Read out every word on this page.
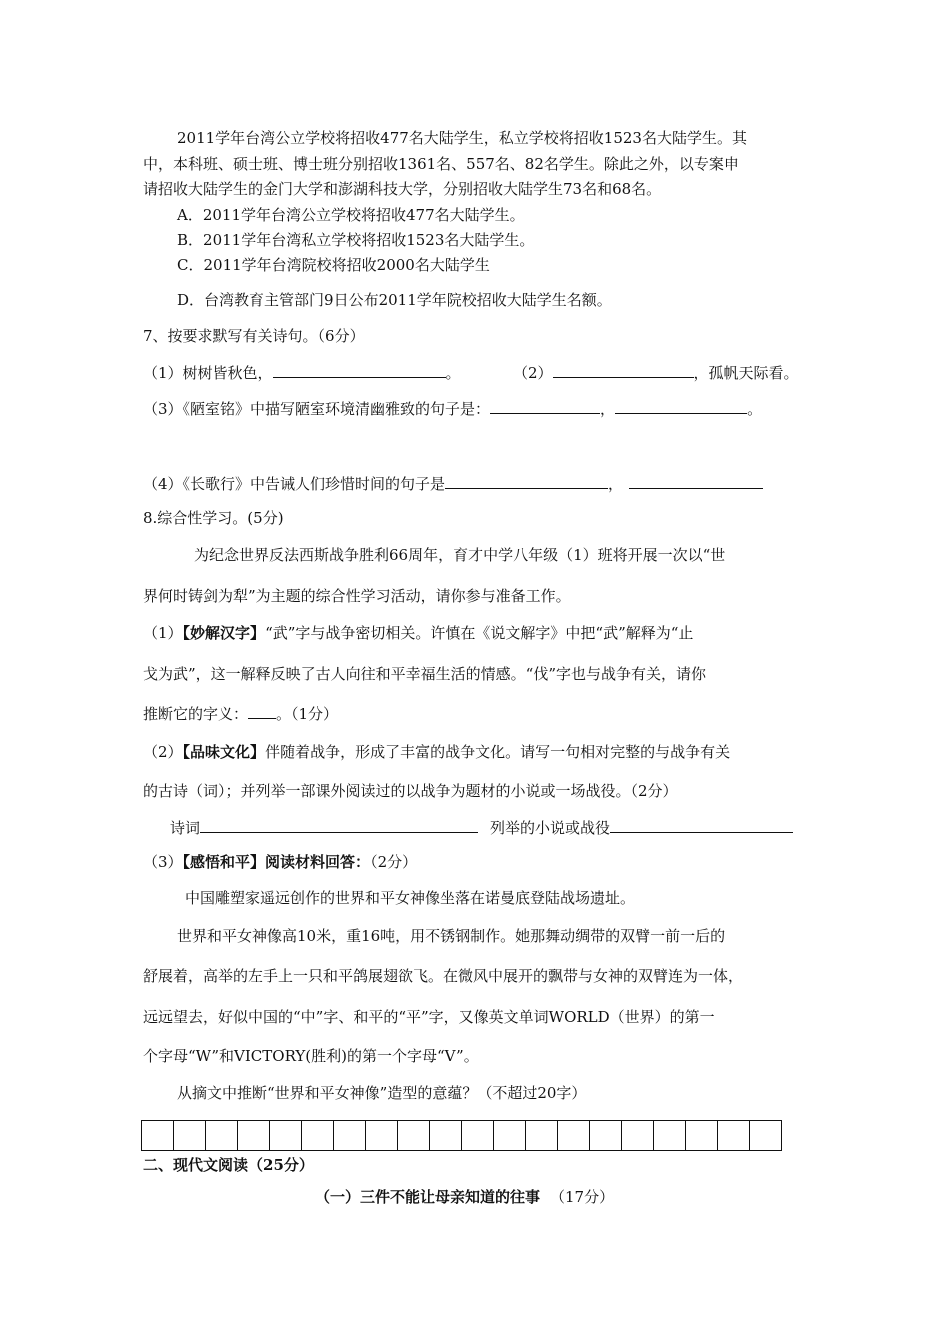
2011学年台湾公立学校将招收477名大陆学生，私立学校将招收1523名大陆学生。其
中，本科班、硕士班、博士班分别招收1361名、557名、82名学生。除此之外，以专案申
请招收大陆学生的金门大学和澎湖科技大学，分别招收大陆学生73名和68名。
A．2011学年台湾公立学校将招收477名大陆学生。
B．2011学年台湾私立学校将招收1523名大陆学生。
C．2011学年台湾院校将招收2000名大陆学生
D．台湾教育主管部门9日公布2011学年院校招收大陆学生名额。
7、按要求默写有关诗句。（6分）
（1）树树皆秋色，	。	（2）	，孤帆天际看。
（3）《陋室铭》中描写陋室环境清幽雅致的句子是：	，	。
（4）《长歌行》中告诫人们珍惜时间的句子是	，
8.综合性学习。(5分)
为纪念世界反法西斯战争胜利66周年，育才中学八年级（1）班将开展一次以“世
界何时铸剑为犁”为主题的综合性学习活动，请你参与准备工作。
（1）【妙解汉字】“武”字与战争密切相关。许慎在《说文解字》中把“武”解释为“止
戈为武”，这一解释反映了古人向往和平幸福生活的情感。“伐”字也与战争有关，请你
推断它的字义： 。（1分）
（2）【品味文化】伴随着战争，形成了丰富的战争文化。请写一句相对完整的与战争有关
的古诗（词）；并列举一部课外阅读过的以战争为题材的小说或一场战役。（2分）
诗词	列举的小说或战役
（3）【感悟和平】阅读材料回答：（2分）
中国雕塑家遥远创作的世界和平女神像坐落在诺曼底登陆战场遗址。
世界和平女神像高10米，重16吨，用不锈钢制作。她那舞动绸带的双臂一前一后的
舒展着，高举的左手上一只和平鸽展翅欲飞。在微风中展开的飘带与女神的双臂连为一体，
远远望去，好似中国的“中”字、和平的“平”字，又像英文单词WORLD（世界）的第一
个字母“W”和VICTORY(胜利)的第一个字母“V”。
从摘文中推断“世界和平女神像”造型的意蕴？（不超过20字）

二、现代文阅读（25分）
（一）三件不能让母亲知道的往事 （17分）
